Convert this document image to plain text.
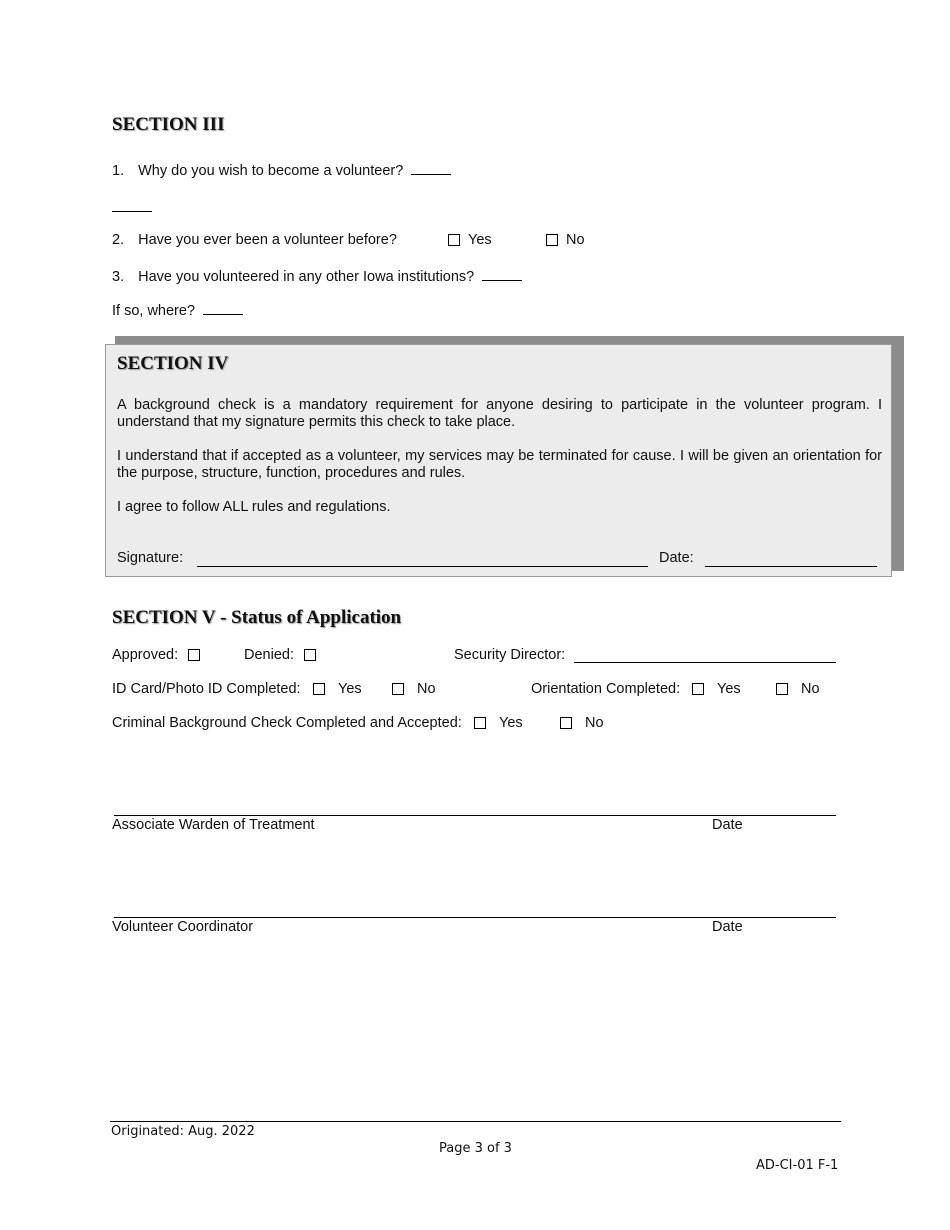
SECTION III
1. Why do you wish to become a volunteer?
2. Have you ever been a volunteer before?	Yes	No
3. Have you volunteered in any other Iowa institutions?
If so, where?
SECTION IV
A background check is a mandatory requirement for anyone desiring to participate in the volunteer program. I understand that my signature permits this check to take place.
I understand that if accepted as a volunteer, my services may be terminated for cause. I will be given an orientation for the purpose, structure, function, procedures and rules.
I agree to follow ALL rules and regulations.
Signature:	Date:
SECTION V - Status of Application
Approved:	Denied:	Security Director:
ID Card/Photo ID Completed:	Yes	No	Orientation Completed:	Yes	No
Criminal Background Check Completed and Accepted:	Yes	No
Associate Warden of Treatment	Date
Volunteer Coordinator	Date
Originated: Aug. 2022
Page 3 of 3
AD-CI-01 F-1
